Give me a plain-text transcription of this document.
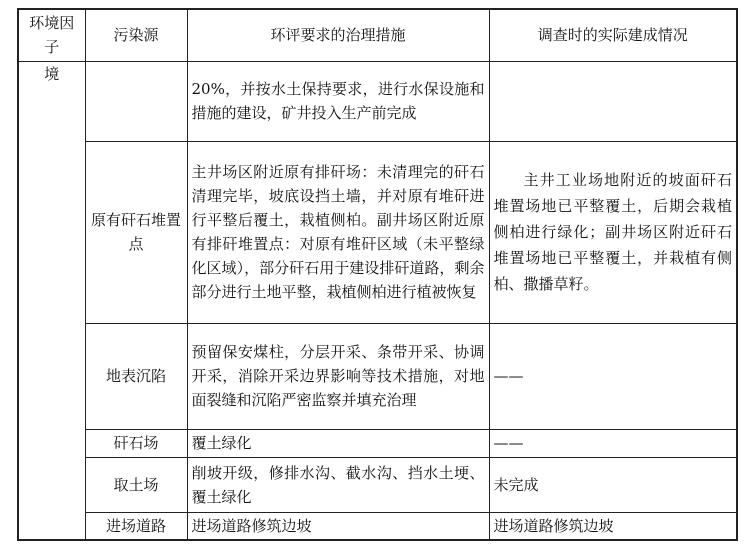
环境因子	污染源	环评要求的治理措施	调查时的实际建成情况
境		20%，并按水土保持要求，进行水保设施和措施的建设，矿井投入生产前完成	
	原有矸石堆置点	主井场区附近原有排矸场：未清理完的矸石清理完毕，坡底设挡土墙，并对原有堆矸进行平整后覆土，栽植侧柏。副井场区附近原有排矸堆置点：对原有堆矸区域（未平整绿化区域），部分矸石用于建设排矸道路，剩余部分进行土地平整，栽植侧柏进行植被恢复	主井工业场地附近的坡面矸石堆置场地已平整覆土，后期会栽植侧柏进行绿化；副井场区附近矸石堆置场地已平整覆土，并栽植有侧柏、撒播草籽。
	地表沉陷	预留保安煤柱，分层开采、条带开采、协调开采，消除开采边界影响等技术措施，对地面裂缝和沉陷严密监察并填充治理	——
	矸石场	覆土绿化	——
	取土场	削坡开级，修排水沟、截水沟、挡水土埂、覆土绿化	未完成
	进场道路	进场道路修筑边坡	进场道路修筑边坡
